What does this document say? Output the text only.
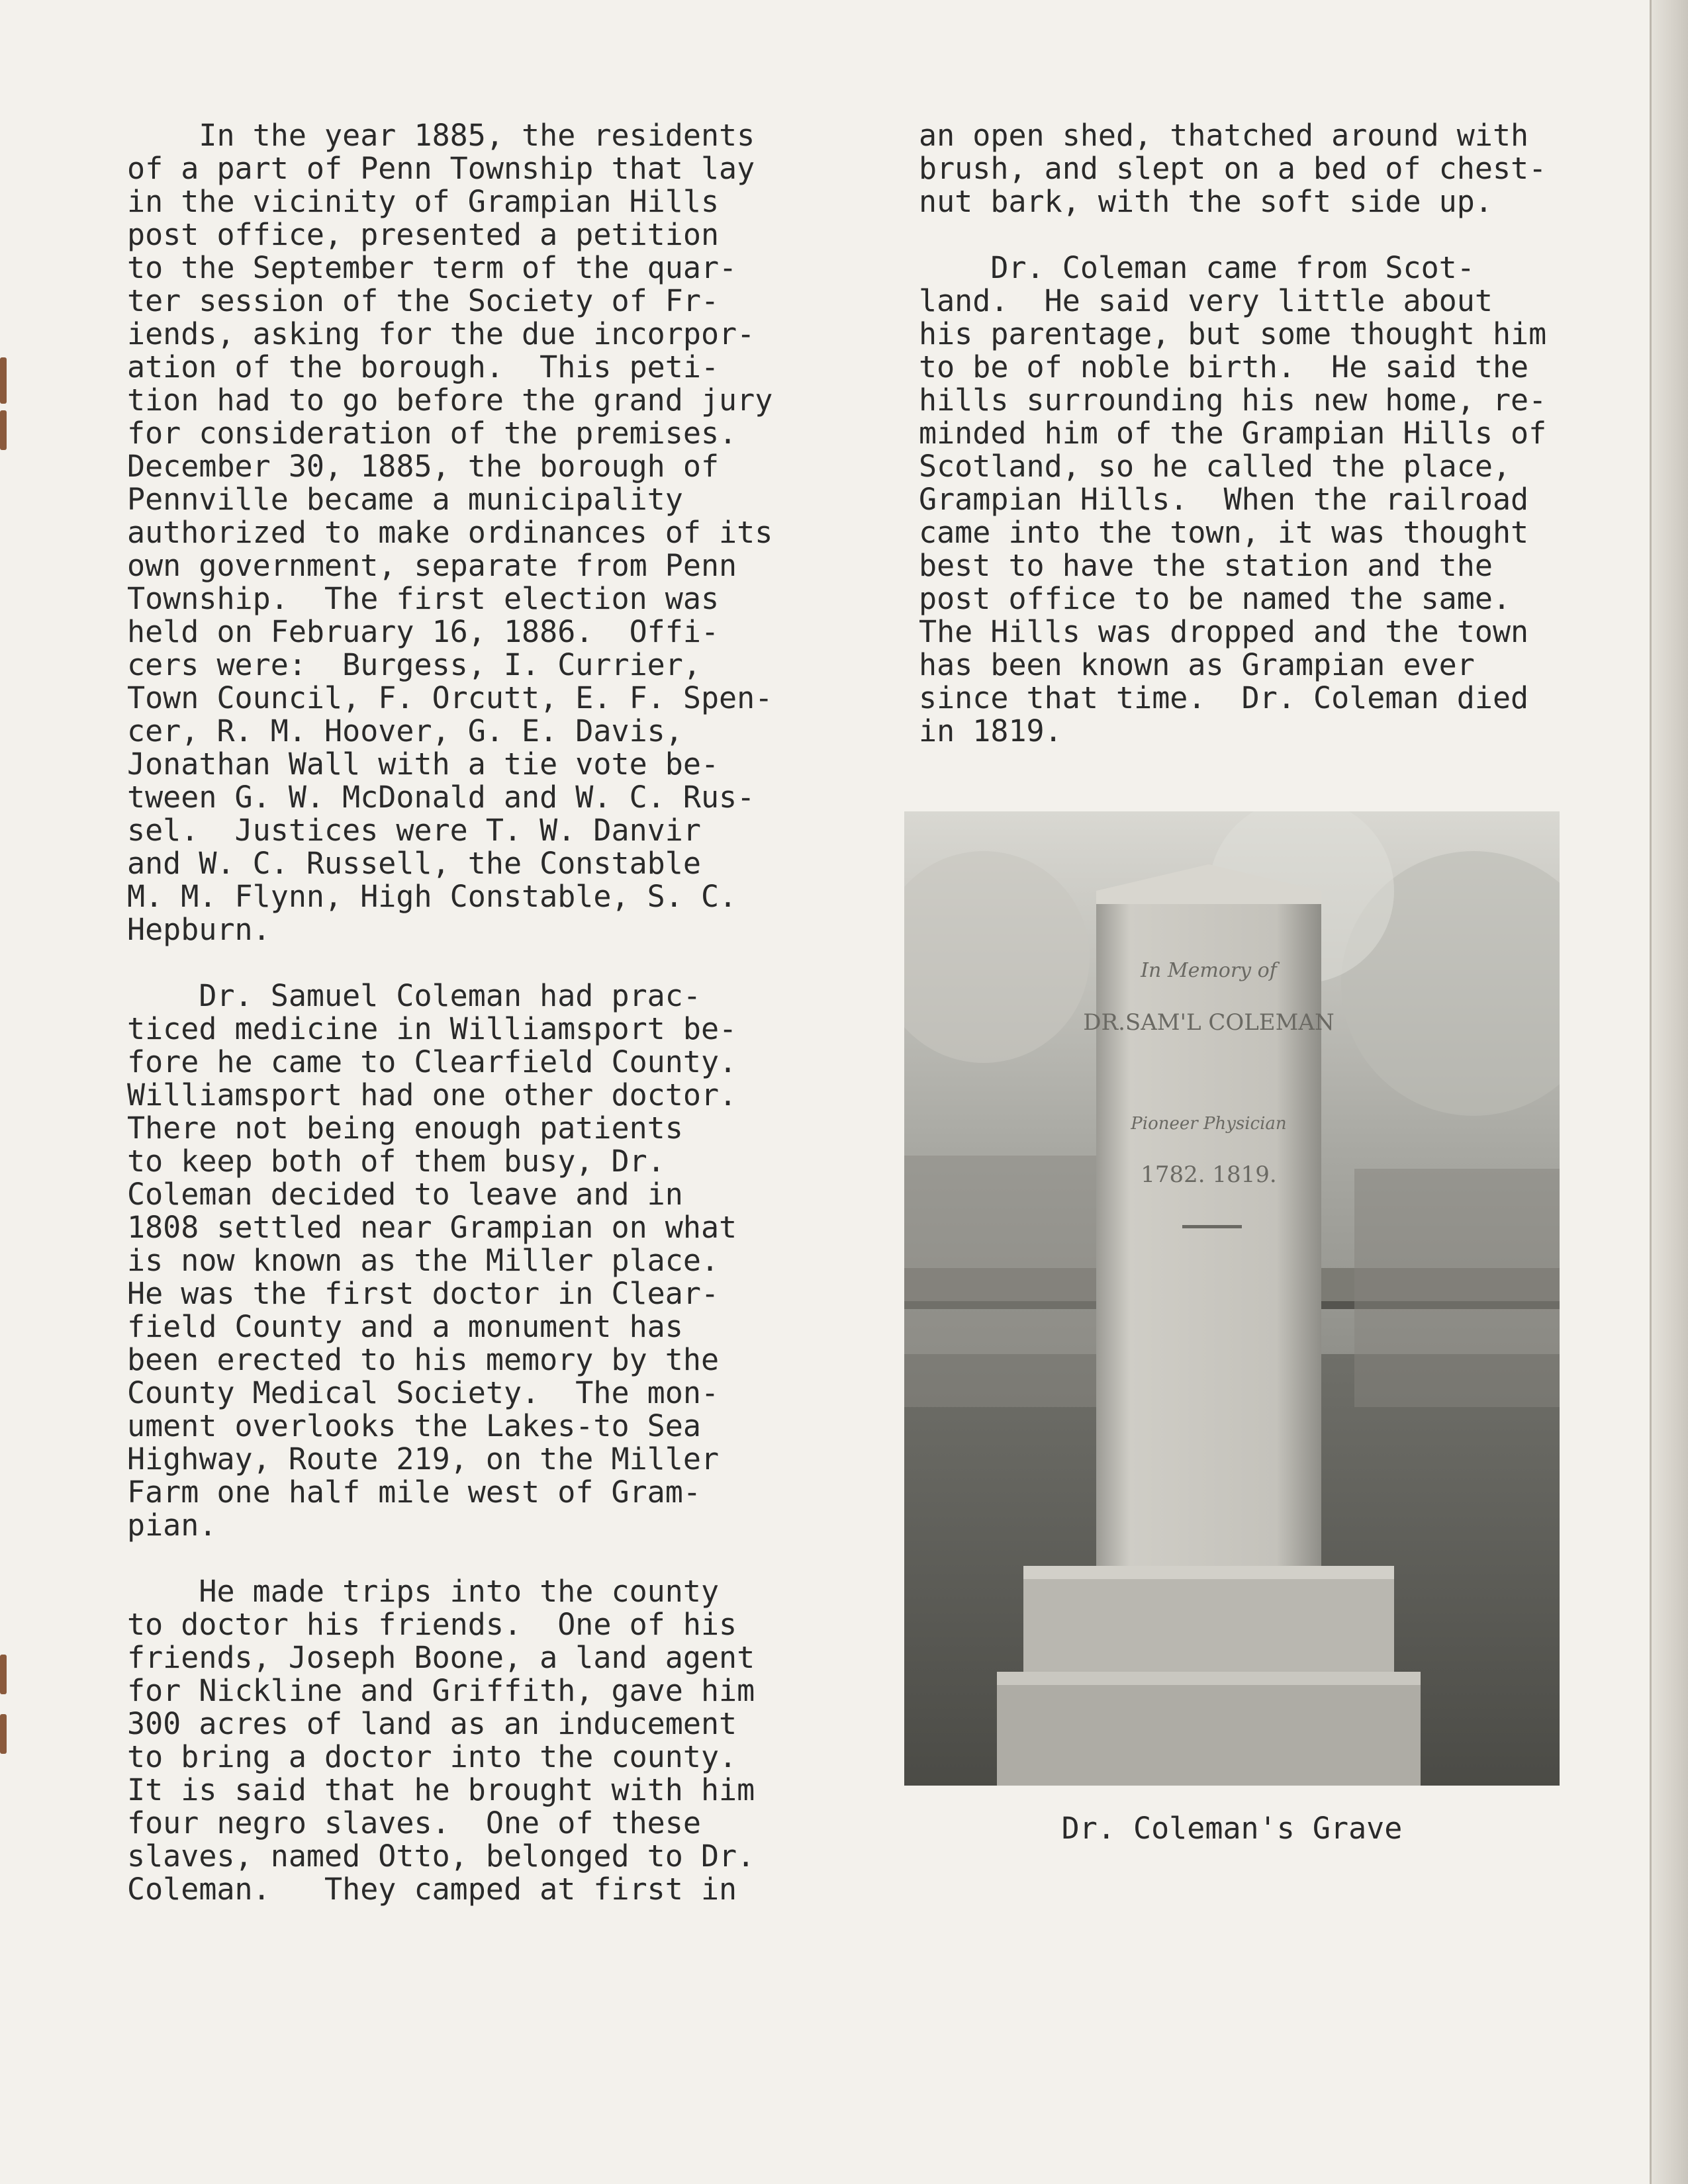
In the year 1885, the residents
of a part of Penn Township that lay
in the vicinity of Grampian Hills
post office, presented a petition
to the September term of the quar-
ter session of the Society of Fr-
iends, asking for the due incorpor-
ation of the borough.  This peti-
tion had to go before the grand jury
for consideration of the premises.
December 30, 1885, the borough of
Pennville became a municipality
authorized to make ordinances of its
own government, separate from Penn
Township.  The first election was
held on February 16, 1886.  Offi-
cers were:  Burgess, I. Currier,
Town Council, F. Orcutt, E. F. Spen-
cer, R. M. Hoover, G. E. Davis,
Jonathan Wall with a tie vote be-
tween G. W. McDonald and W. C. Rus-
sel.  Justices were T. W. Danvir
and W. C. Russell, the Constable
M. M. Flynn, High Constable, S. C.
Hepburn.

Dr. Samuel Coleman had prac-
ticed medicine in Williamsport be-
fore he came to Clearfield County.
Williamsport had one other doctor.
There not being enough patients
to keep both of them busy, Dr.
Coleman decided to leave and in
1808 settled near Grampian on what
is now known as the Miller place.
He was the first doctor in Clear-
field County and a monument has
been erected to his memory by the
County Medical Society.  The mon-
ument overlooks the Lakes-to Sea
Highway, Route 219, on the Miller
Farm one half mile west of Gram-
pian.

He made trips into the county
to doctor his friends.  One of his
friends, Joseph Boone, a land agent
for Nickline and Griffith, gave him
300 acres of land as an inducement
to bring a doctor into the county.
It is said that he brought with him
four negro slaves.  One of these
slaves, named Otto, belonged to Dr.
Coleman.   They camped at first in

an open shed, thatched around with
brush, and slept on a bed of chest-
nut bark, with the soft side up.

Dr. Coleman came from Scot-
land.  He said very little about
his parentage, but some thought him
to be of noble birth.  He said the
hills surrounding his new home, re-
minded him of the Grampian Hills of
Scotland, so he called the place,
Grampian Hills.  When the railroad
came into the town, it was thought
best to have the station and the
post office to be named the same.
The Hills was dropped and the town
has been known as Grampian ever
since that time.  Dr. Coleman died
in 1819.

In Memory of
DR.SAM'L COLEMAN
Pioneer Physician
1782. 1819.

Dr. Coleman's Grave
